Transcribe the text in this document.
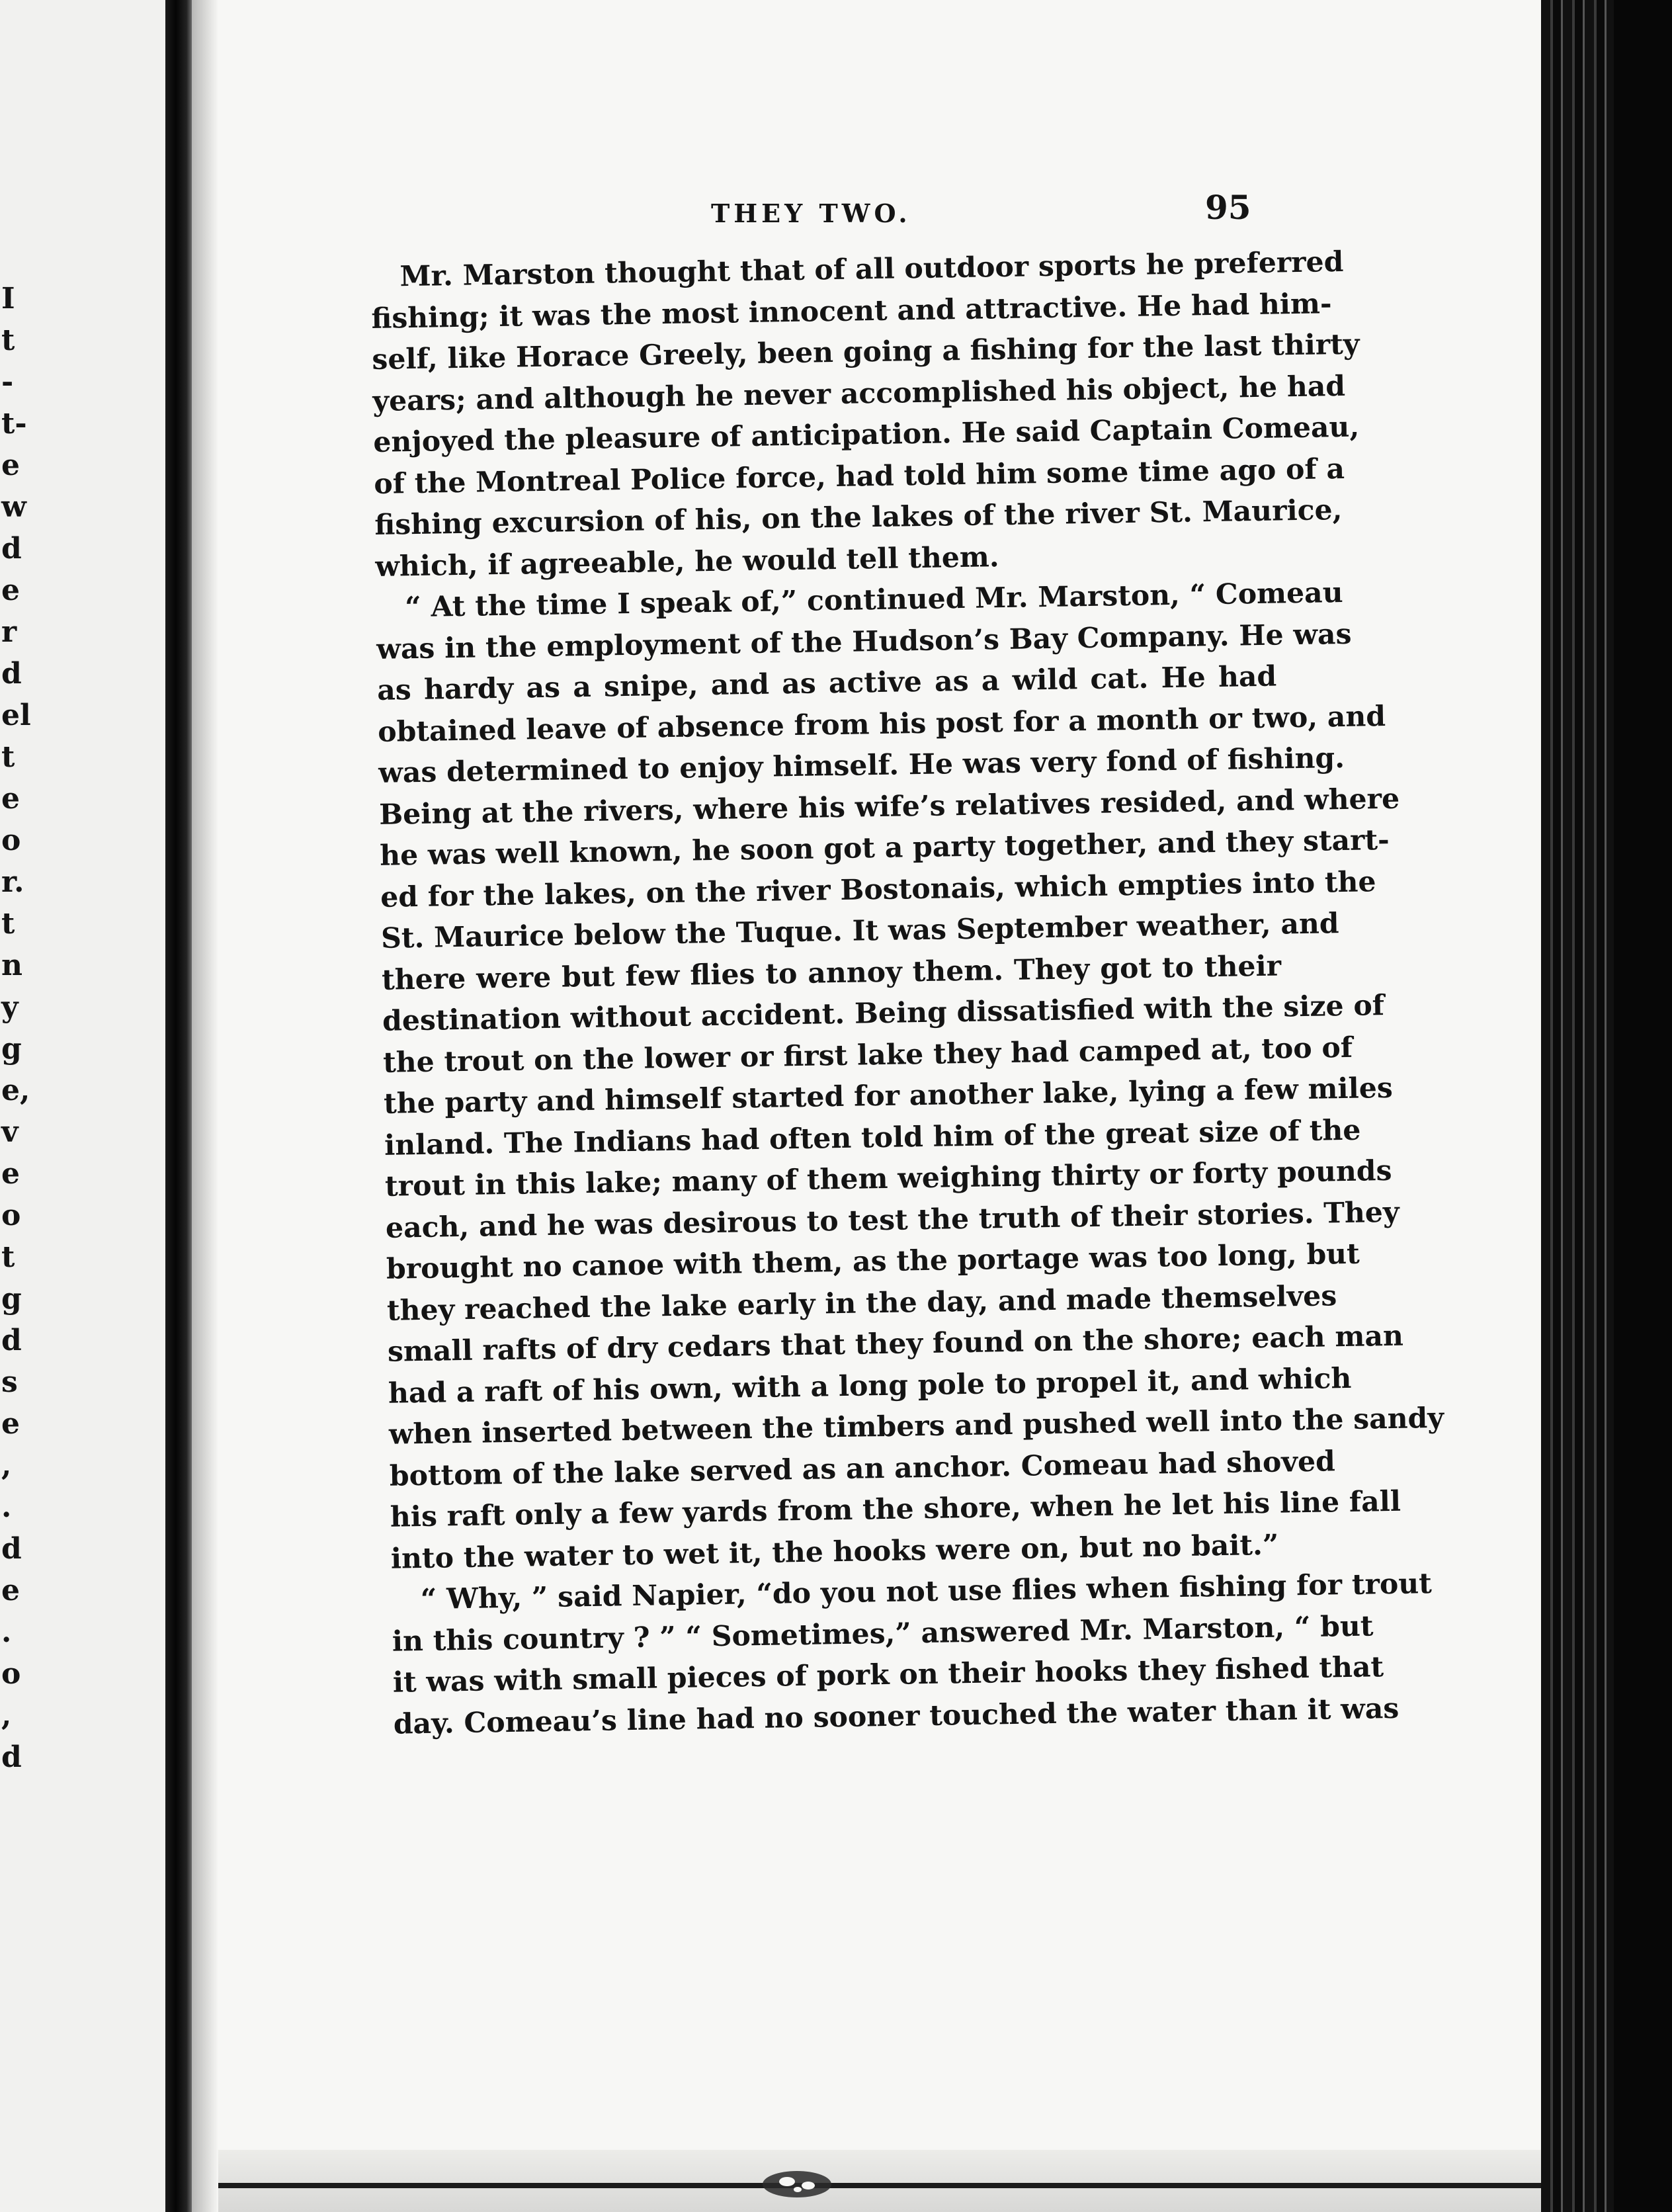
I
t
-
t-
e
w
d
e
r
d
el
t
e
o
r.
t
n
y
g
e,
v
e
o
t
g
d
s
e
,
.
d
e
.
o
,
d
THEY TWO.	95
Mr. Marston thought that of all outdoor sports he preferred
fishing; it was the most innocent and attractive. He had him-
self, like Horace Greely, been going a fishing for the last thirty
years; and although he never accomplished his object, he had
enjoyed the pleasure of anticipation. He said Captain Comeau,
of the Montreal Police force, had told him some time ago of a
fishing excursion of his, on the lakes of the river St. Maurice,
which, if agreeable, he would tell them.
“ At the time I speak of,” continued Mr. Marston, “ Comeau
was in the employment of the Hudson’s Bay Company. He was
as hardy as a snipe, and as active as a wild cat. He had
obtained leave of absence from his post for a month or two, and
was determined to enjoy himself. He was very fond of fishing.
Being at the rivers, where his wife’s relatives resided, and where
he was well known, he soon got a party together, and they start-
ed for the lakes, on the river Bostonais, which empties into the
St. Maurice below the Tuque. It was September weather, and
there were but few flies to annoy them. They got to their
destination without accident. Being dissatisfied with the size of
the trout on the lower or first lake they had camped at, too of
the party and himself started for another lake, lying a few miles
inland. The Indians had often told him of the great size of the
trout in this lake; many of them weighing thirty or forty pounds
each, and he was desirous to test the truth of their stories. They
brought no canoe with them, as the portage was too long, but
they reached the lake early in the day, and made themselves
small rafts of dry cedars that they found on the shore; each man
had a raft of his own, with a long pole to propel it, and which
when inserted between the timbers and pushed well into the sandy
bottom of the lake served as an anchor. Comeau had shoved
his raft only a few yards from the shore, when he let his line fall
into the water to wet it, the hooks were on, but no bait.”
“ Why, ” said Napier, “do you not use flies when fishing for trout
in this country ? ” “ Sometimes,” answered Mr. Marston, “ but
it was with small pieces of pork on their hooks they fished that
day. Comeau’s line had no sooner touched the water than it was
